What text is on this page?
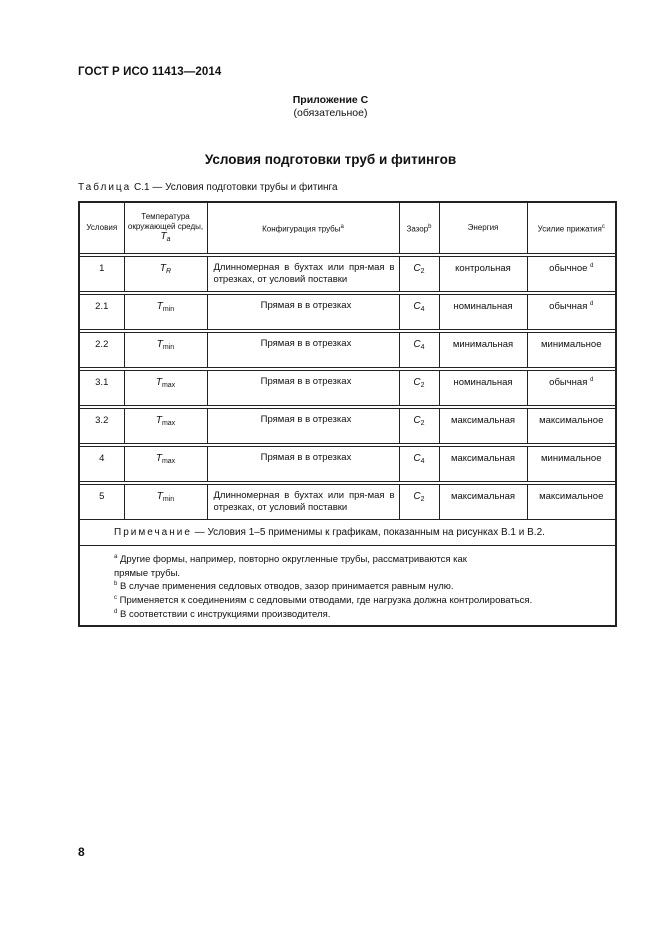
ГОСТ Р ИСО 11413—2014
Приложение С
(обязательное)
Условия подготовки труб и фитингов
Таблица С.1 — Условия подготовки трубы и фитинга
Условия	Температура окружающей среды, Ta	Конфигурация трубы$^a$	Зазор$^b$	Энергия	Усилие прижатия$^c$

1	$T_R$	Длинномерная в бухтах или пря-мая в отрезках, от условий поставки	$C_2$	контрольная	обычное $^d$

2.1	$T_{min}$	Прямая в в отрезках	$C_4$	номинальная	обычная $^d$

2.2	$T_{min}$	Прямая в в отрезках	$C_4$	минимальная	минимальное

3.1	$T_{max}$	Прямая в в отрезках	$C_2$	номинальная	обычная $^d$

3.2	$T_{max}$	Прямая в в отрезках	$C_2$	максимальная	максимальное

4	$T_{max}$	Прямая в в отрезках	$C_4$	максимальная	минимальное

5	$T_{min}$	Длинномерная в бухтах или пря-мая в отрезках, от условий поставки	$C_2$	максимальная	максимальное
Примечание — Условия 1–5 применимы к графикам, показанным на рисунках В.1 и В.2.					

$^a$ Другие формы, например, повторно округленные трубы, рассматриваются как
прямые трубы.
$^b$ В случае применения седловых отводов, зазор принимается равным нулю.
$^c$ Применяется к соединениям с седловыми отводами, где нагрузка должна контролироваться.
$^d$ В соответствии с инструкциями производителя.					
8
